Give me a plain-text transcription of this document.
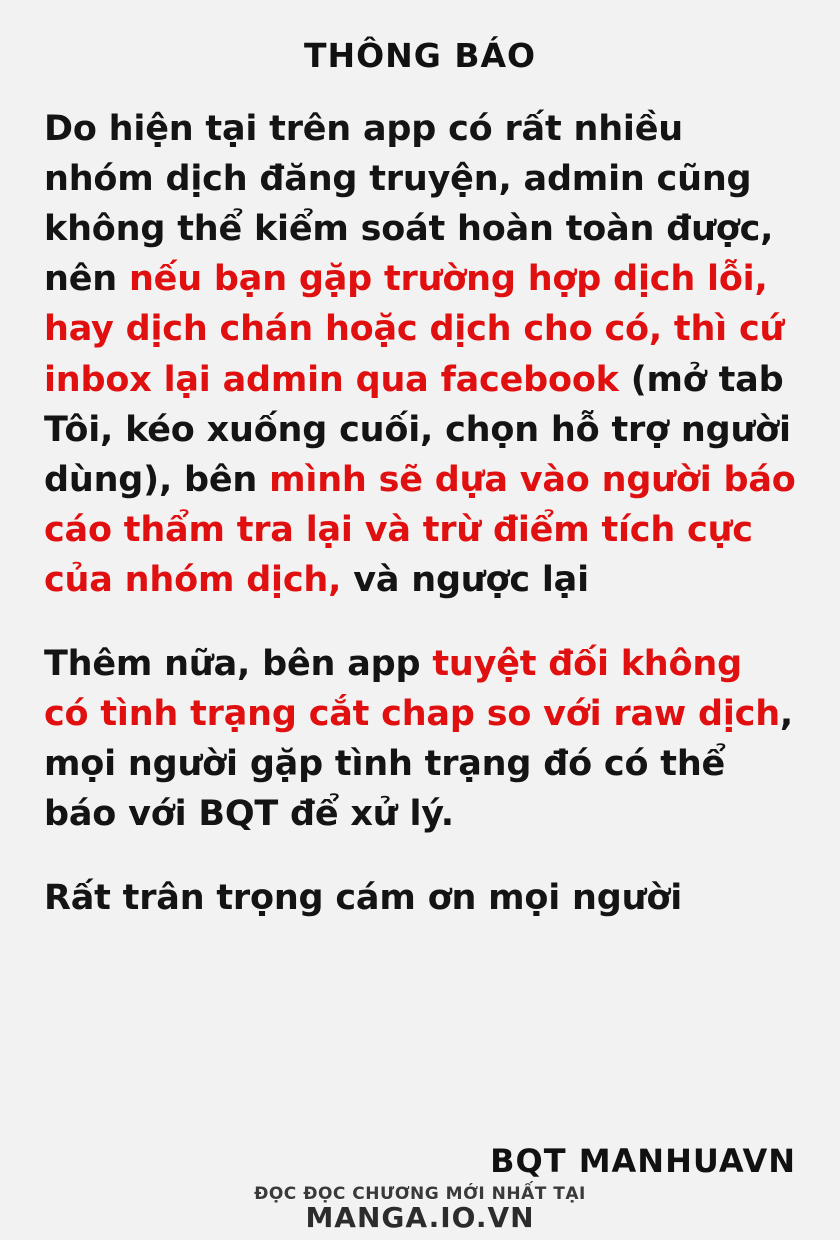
THÔNG BÁO

Do hiện tại trên app có rất nhiều nhóm dịch đăng truyện, admin cũng không thể kiểm soát hoàn toàn được, nên nếu bạn gặp trường hợp dịch lỗi, hay dịch chán hoặc dịch cho có, thì cứ inbox lại admin qua facebook (mở tab Tôi, kéo xuống cuối, chọn hỗ trợ người dùng), bên mình sẽ dựa vào người báo cáo thẩm tra lại và trừ điểm tích cực của nhóm dịch, và ngược lại

Thêm nữa, bên app tuyệt đối không có tình trạng cắt chap so với raw dịch, mọi người gặp tình trạng đó có thể báo với BQT để xử lý.

Rất trân trọng cám ơn mọi người

BQT MANHUAVN
ĐỌC ĐỌC CHƯƠNG MỚI NHẤT TẠI
MANGA.IO.VN
